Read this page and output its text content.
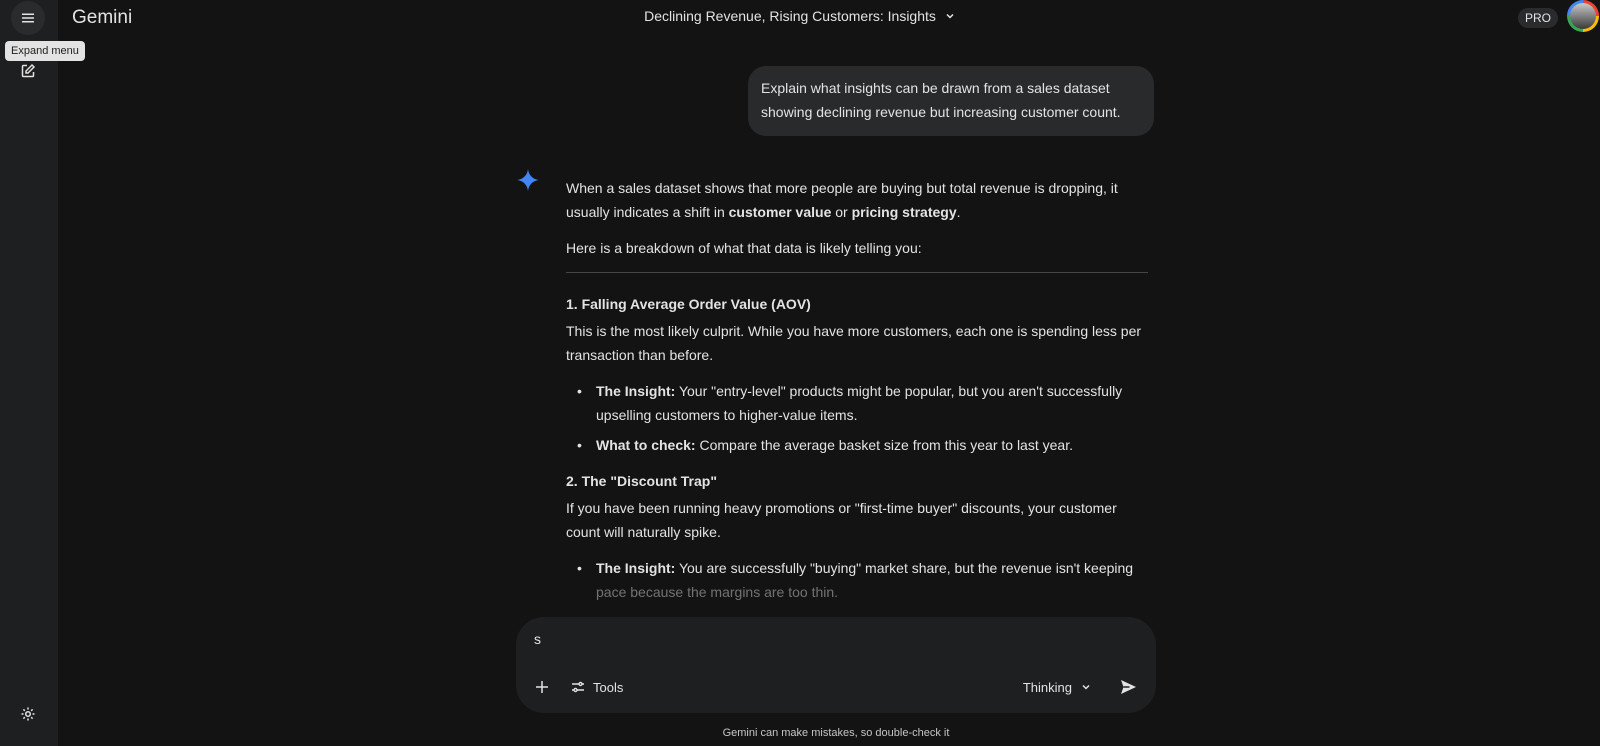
Expand menu
Gemini	Declining Revenue, Rising Customers: Insights	PRO
Explain what insights can be drawn from a sales dataset showing declining revenue but increasing customer count.

When a sales dataset shows that more people are buying but total revenue is dropping, it usually indicates a shift in customer value or pricing strategy.

Here is a breakdown of what that data is likely telling you:

1. Falling Average Order Value (AOV)

This is the most likely culprit. While you have more customers, each one is spending less per transaction than before.

• The Insight: Your "entry-level" products might be popular, but you aren't successfully upselling customers to higher-value items.
• What to check: Compare the average basket size from this year to last year.
2. The "Discount Trap"

If you have been running heavy promotions or "first-time buyer" discounts, your customer count will naturally spike.

• The Insight: You are successfully "buying" market share, but the revenue isn't keeping
pace because the margins are too thin.
s
Tools	Thinking
Gemini can make mistakes, so double-check it
